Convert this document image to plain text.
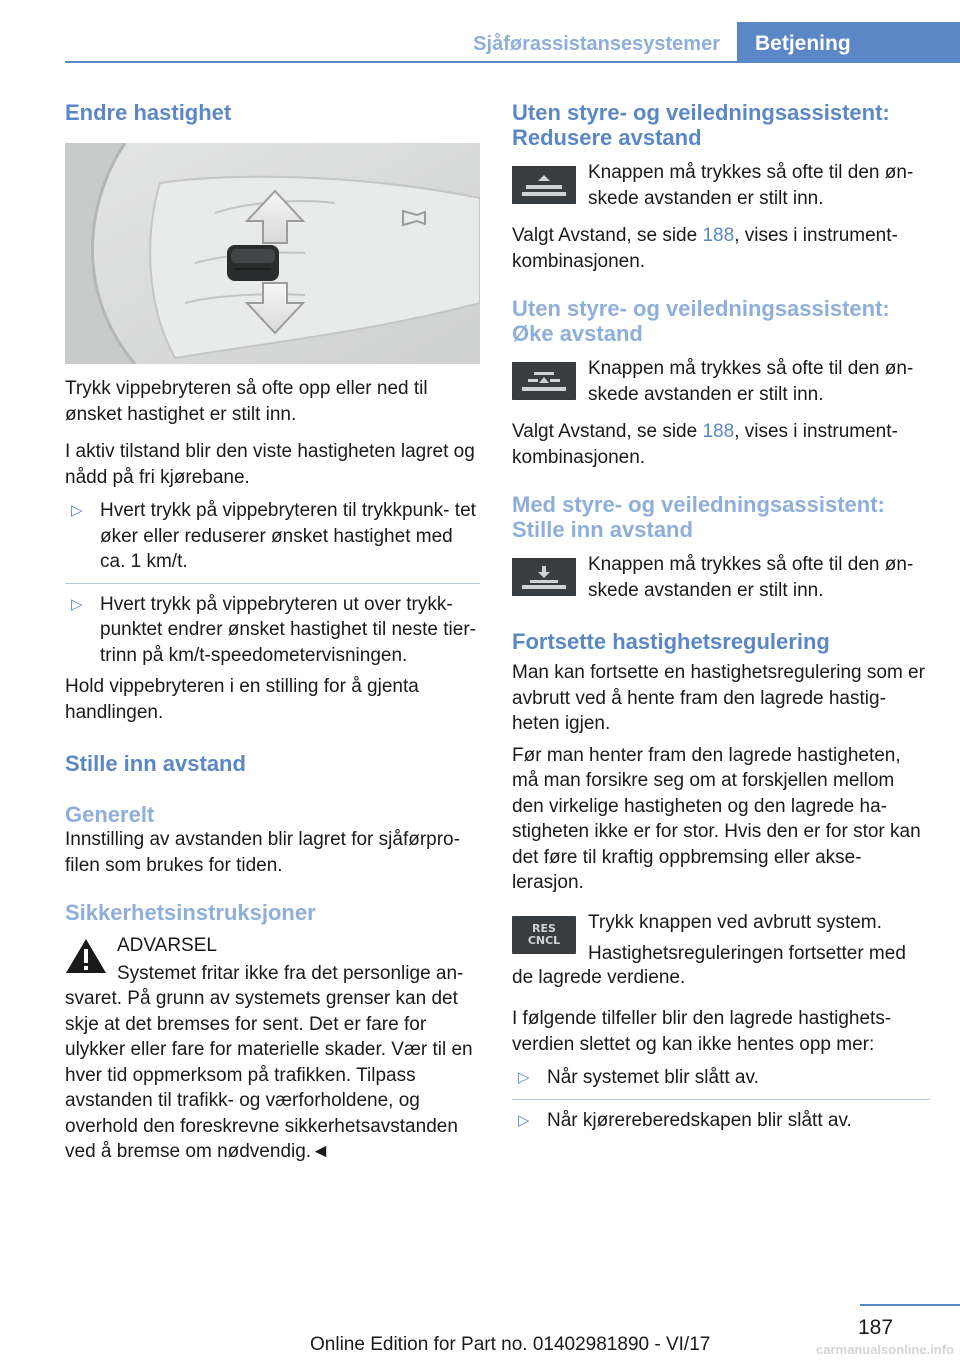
Sjåførassistansesystemer	Betjening
Endre hastighet

Trykk vippebryteren så ofte opp eller ned til ønsket hastighet er stilt inn.

I aktiv tilstand blir den viste hastigheten lagret og nådd på fri kjørebane.

▷ Hvert trykk på vippebryteren til trykkpunk- tet øker eller reduserer ønsket hastighet med ca. 1 km/t.
▷ Hvert trykk på vippebryteren ut over trykk- punktet endrer ønsket hastighet til neste tier-trinn på km/t-speedometervisningen.

Hold vippebryteren i en stilling for å gjenta handlingen.

Stille inn avstand
Generelt

Innstilling av avstanden blir lagret for sjåførpro- filen som brukes for tiden.

Sikkerhetsinstruksjoner

ADVARSEL

Systemet fritar ikke fra det personlige an-

svaret. På grunn av systemets grenser kan det skje at det bremses for sent. Det er fare for ulykker eller fare for materielle skader. Vær til en hver tid oppmerksom på trafikken. Tilpass avstanden til trafikk- og værforholdene, og overhold den foreskrevne sikkerhetsavstanden ved å bremse om nødvendig.◄

Uten styre- og veiledningsassistent: Redusere avstand

Knappen må trykkes så ofte til den øn- skede avstanden er stilt inn.

Valgt Avstand, se side 188, vises i instrument- kombinasjonen.

Uten styre- og veiledningsassistent: Øke avstand

Knappen må trykkes så ofte til den øn- skede avstanden er stilt inn.

Valgt Avstand, se side 188, vises i instrument- kombinasjonen.

Med styre- og veiledningsassistent: Stille inn avstand

Knappen må trykkes så ofte til den øn- skede avstanden er stilt inn.

Fortsette hastighetsregulering

Man kan fortsette en hastighetsregulering som er avbrutt ved å hente fram den lagrede hastig- heten igjen.

Før man henter fram den lagrede hastigheten, må man forsikre seg om at forskjellen mellom den virkelige hastigheten og den lagrede ha- stigheten ikke er for stor. Hvis den er for stor kan det føre til kraftig oppbremsing eller akse- lerasjon.

RES
CNCL

Trykk knappen ved avbrutt system.

Hastighetsreguleringen fortsetter med

de lagrede verdiene.

I følgende tilfeller blir den lagrede hastighets- verdien slettet og kan ikke hentes opp mer:

▷ Når systemet blir slått av.
▷ Når kjørereberedskapen blir slått av.
187
Online Edition for Part no. 01402981890 - VI/17	carmanualsonline.info
